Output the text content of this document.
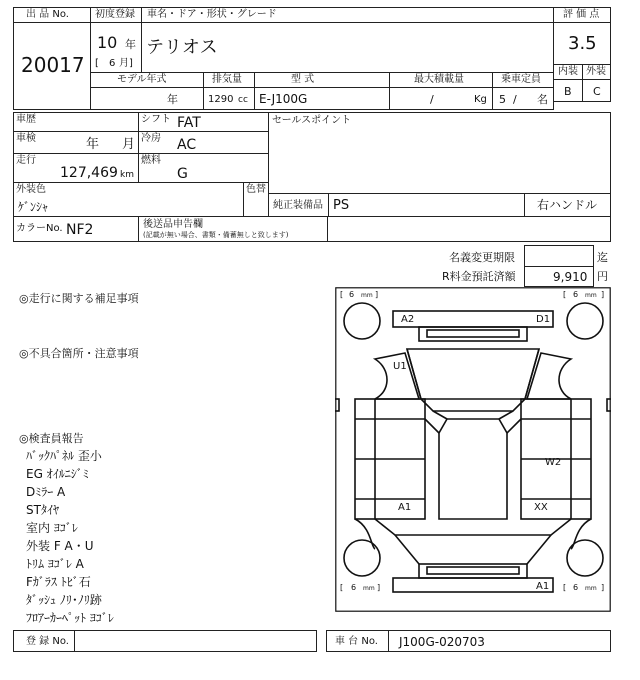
出 品 No.
20017
初度登録 車名・ドア・形状・グレード
10 年
[ 6 月]
テリオス
評 価 点
3.5
内装 外装
B C
モデル年式	排気量	型 式	最大積載量	乗車定員
年	1290 cc E-J100G	/	Kg 5 / 名
車歴
車検	年 月
走行
127,469 km
シフト FAT
冷房 AC
燃料
G
セールスポイント
外装色
ｹﾞﾝｼｬ
色替
純正装備品 PS	右ハンドル
カラーNo. NF2	後送品申告欄
(記載が無い場合、書類・備蓄無しと致します)
名義変更期限	迄
R料金預託済額	9,910 円
◎走行に関する補足事項
◎不具合箇所・注意事項
◎検査員報告
ﾊﾞｯｸﾊﾟﾈﾙ 歪小
EG ｵｲﾙﾆｼﾞﾐ
Dﾐﾗｰ A
STﾀｲﾔ
室内 ﾖｺﾞﾚ
外装 F A・U
ﾄﾘﾑ ﾖｺﾞﾚ A
Fｶﾞﾗｽ ﾄﾋﾞ石
ﾀﾞｯｼｭ ﾉﾘ･ﾉﾘ跡
ﾌﾛｱｰｶｰﾍﾟｯﾄ ﾖｺﾞﾚ
[ 6 mm ]	[ 6 mm ]
[ 6 mm ]	[ 6 mm ]
A2	D1
U1
W2
A1	XX
A1
登 録 No.	車 台 No. J100G-020703
